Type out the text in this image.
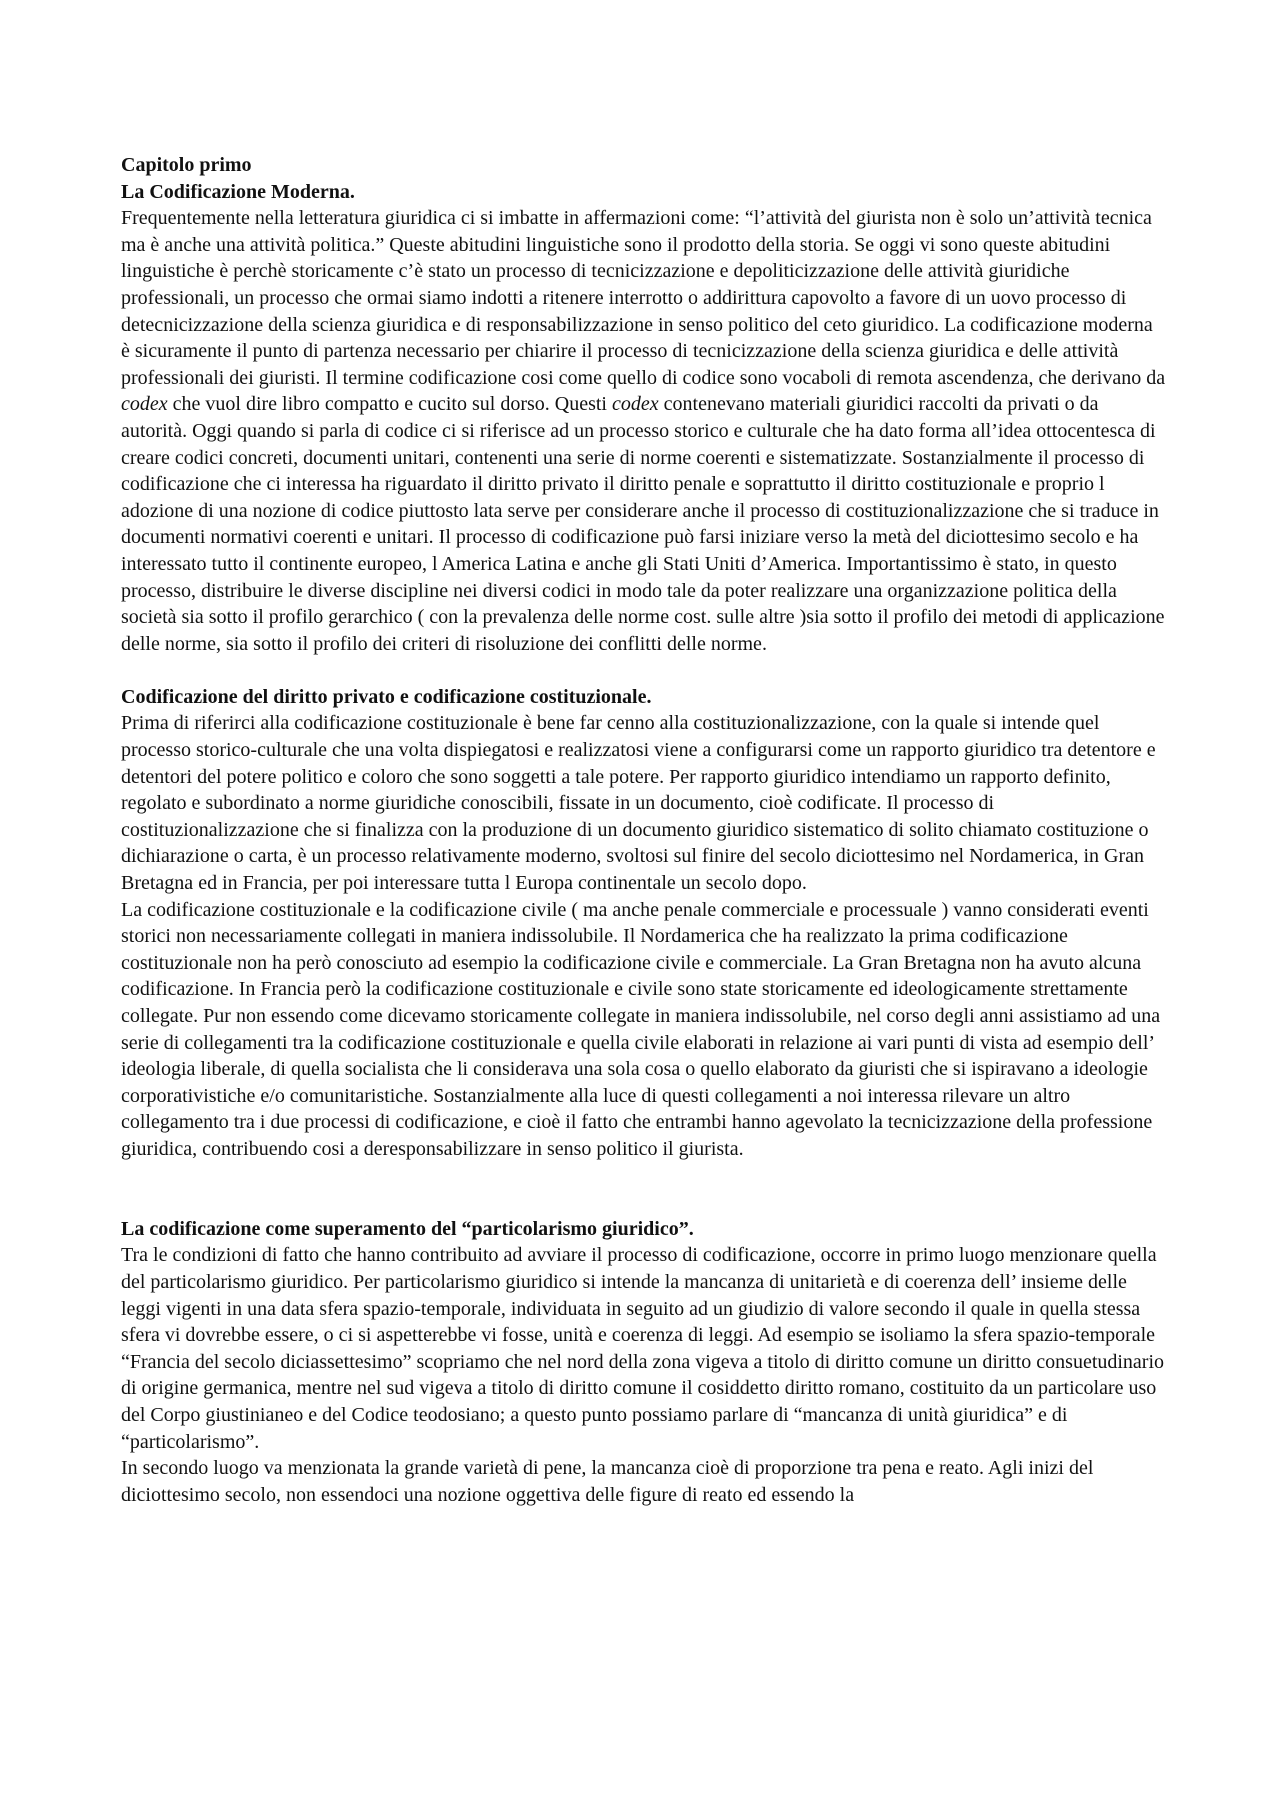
Capitolo primo

La Codificazione Moderna.

Frequentemente nella letteratura giuridica ci si imbatte in affermazioni come: “l’attività del giurista non è solo un’attività tecnica ma è anche una attività politica.” Queste abitudini linguistiche sono il prodotto della storia. Se oggi vi sono queste abitudini linguistiche è perchè storicamente c’è stato un processo di tecnicizzazione e depoliticizzazione delle attività giuridiche professionali, un processo che ormai siamo indotti a ritenere interrotto o addirittura capovolto a favore di un uovo processo di detecnicizzazione della scienza giuridica e di responsabilizzazione in senso politico del ceto giuridico. La codificazione moderna è sicuramente il punto di partenza necessario per chiarire il processo di tecnicizzazione della scienza giuridica e delle attività professionali dei giuristi. Il termine codificazione cosi come quello di codice sono vocaboli di remota ascendenza, che derivano da codex che vuol dire libro compatto e cucito sul dorso. Questi codex contenevano materiali giuridici raccolti da privati o da autorità. Oggi quando si parla di codice ci si riferisce ad un processo storico e culturale che ha dato forma all’idea ottocentesca di creare codici concreti, documenti unitari, contenenti una serie di norme coerenti e sistematizzate. Sostanzialmente il processo di codificazione che ci interessa ha riguardato il diritto privato il diritto penale e soprattutto il diritto costituzionale e proprio l adozione di una nozione di codice piuttosto lata serve per considerare anche il processo di costituzionalizzazione che si traduce in documenti normativi coerenti e unitari. Il processo di codificazione può farsi iniziare verso la metà del diciottesimo secolo e ha interessato tutto il continente europeo, l America Latina e anche gli Stati Uniti d’America. Importantissimo è stato, in questo processo, distribuire le diverse discipline nei diversi codici in modo tale da poter realizzare una organizzazione politica della società sia sotto il profilo gerarchico ( con la prevalenza delle norme cost. sulle altre )sia sotto il profilo dei metodi di applicazione delle norme, sia sotto il profilo dei criteri di risoluzione dei conflitti delle norme.

Codificazione del diritto privato e codificazione costituzionale.

Prima di riferirci alla codificazione costituzionale è bene far cenno alla costituzionalizzazione, con la quale si intende quel processo storico-culturale che una volta dispiegatosi e realizzatosi viene a configurarsi come un rapporto giuridico tra detentore e detentori del potere politico e coloro che sono soggetti a tale potere. Per rapporto giuridico intendiamo un rapporto definito, regolato e subordinato a norme giuridiche conoscibili, fissate in un documento, cioè codificate. Il processo di costituzionalizzazione che si finalizza con la produzione di un documento giuridico sistematico di solito chiamato costituzione o dichiarazione o carta, è un processo relativamente moderno, svoltosi sul finire del secolo diciottesimo nel Nordamerica, in Gran Bretagna ed in Francia, per poi interessare tutta l Europa continentale un secolo dopo.

La codificazione costituzionale e la codificazione civile ( ma anche penale commerciale e processuale ) vanno considerati eventi storici non necessariamente collegati in maniera indissolubile. Il Nordamerica che ha realizzato la prima codificazione costituzionale non ha però conosciuto ad esempio la codificazione civile e commerciale. La Gran Bretagna non ha avuto alcuna codificazione. In Francia però la codificazione costituzionale e civile sono state storicamente ed ideologicamente strettamente collegate. Pur non essendo come dicevamo storicamente collegate in maniera indissolubile, nel corso degli anni assistiamo ad una serie di collegamenti tra la codificazione costituzionale e quella civile elaborati in relazione ai vari punti di vista ad esempio dell’ ideologia liberale, di quella socialista che li considerava una sola cosa o quello elaborato da giuristi che si ispiravano a ideologie corporativistiche e/o comunitaristiche. Sostanzialmente alla luce di questi collegamenti a noi interessa rilevare un altro collegamento tra i due processi di codificazione, e cioè il fatto che entrambi hanno agevolato la tecnicizzazione della professione giuridica, contribuendo cosi a deresponsabilizzare in senso politico il giurista.

La codificazione come superamento del “particolarismo giuridico”.

Tra le condizioni di fatto che hanno contribuito ad avviare il processo di codificazione, occorre in primo luogo menzionare quella del particolarismo giuridico. Per particolarismo giuridico si intende la mancanza di unitarietà e di coerenza dell’ insieme delle leggi vigenti in una data sfera spazio-temporale, individuata in seguito ad un giudizio di valore secondo il quale in quella stessa sfera vi dovrebbe essere, o ci si aspetterebbe vi fosse, unità e coerenza di leggi. Ad esempio se isoliamo la sfera spazio-temporale “Francia del secolo diciassettesimo” scopriamo che nel nord della zona vigeva a titolo di diritto comune un diritto consuetudinario di origine germanica, mentre nel sud vigeva a titolo di diritto comune il cosiddetto diritto romano, costituito da un particolare uso del Corpo giustinianeo e del Codice teodosiano; a questo punto possiamo parlare di “mancanza di unità giuridica” e di “particolarismo”.

In secondo luogo va menzionata la grande varietà di pene, la mancanza cioè di proporzione tra pena e reato. Agli inizi del diciottesimo secolo, non essendoci una nozione oggettiva delle figure di reato ed essendo la
